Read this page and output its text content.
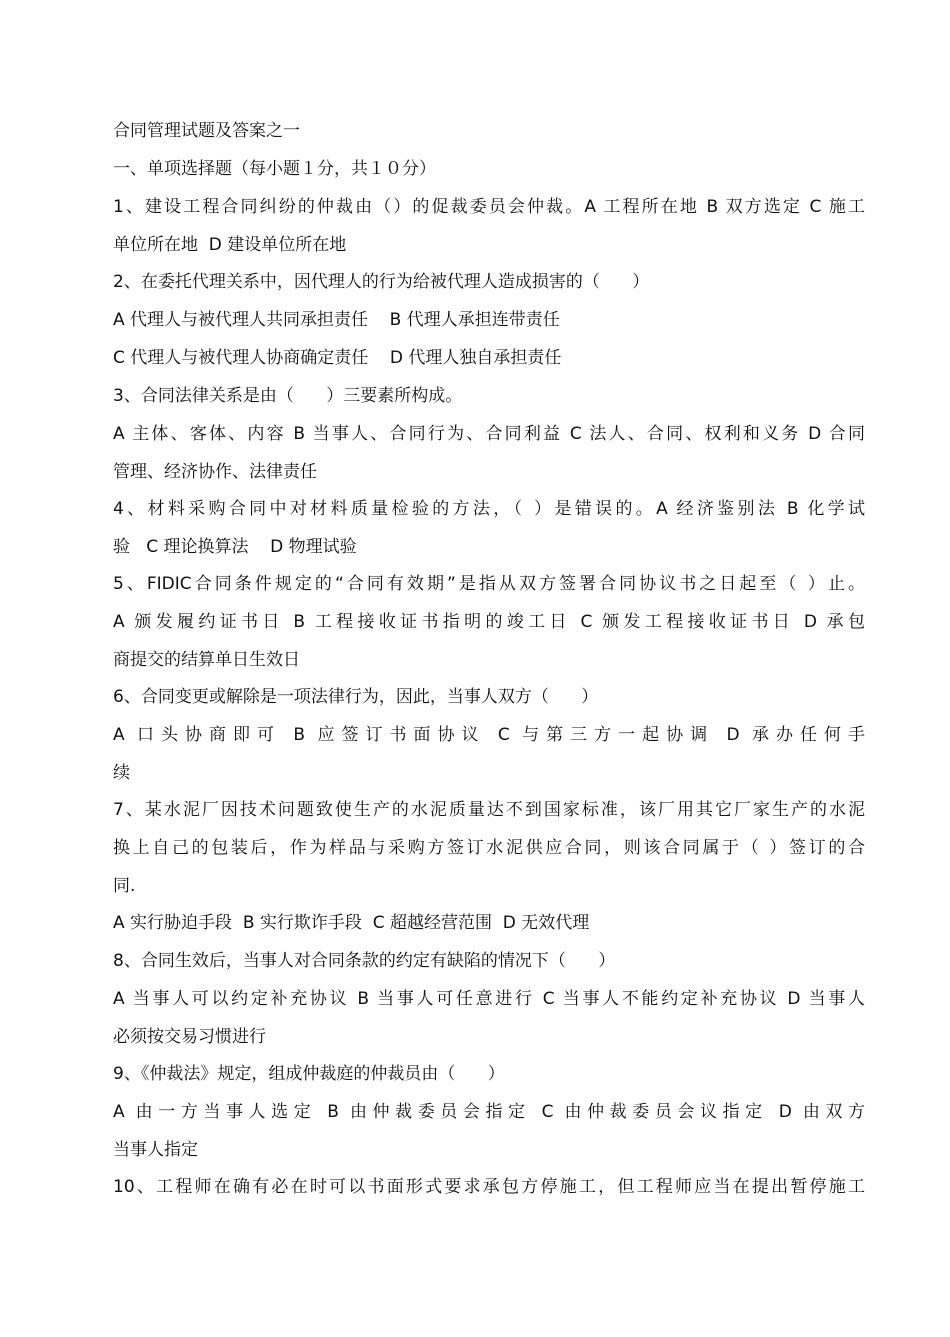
合同管理试题及答案之一
一、单项选择题（每小题１分，共１０分）
1、建设工程合同纠纷的仲裁由（）的促裁委员会仲裁。A 工程所在地 B 双方选定 C 施工
单位所在地  D 建设单位所在地
2、在委托代理关系中，因代理人的行为给被代理人造成损害的（      ）
A 代理人与被代理人共同承担责任    B 代理人承担连带责任
C 代理人与被代理人协商确定责任    D 代理人独自承担责任
3、合同法律关系是由（      ）三要素所构成。
A 主体、客体、内容 B 当事人、合同行为、合同利益 C 法人、合同、权利和义务 D 合同
管理、经济协作、法律责任
4、材料采购合同中对材料质量检验的方法，（ ）是错误的。A 经济鉴别法 B 化学试
验   C 理论换算法    D 物理试验
5、FIDIC合同条件规定的“合同有效期”是指从双方签署合同协议书之日起至（ ）止。
A 颁发履约证书日 B 工程接收证书指明的竣工日 C 颁发工程接收证书日 D 承包
商提交的结算单日生效日
6、合同变更或解除是一项法律行为，因此，当事人双方（      ）
A 口头协商即可 B 应签订书面协议 C 与第三方一起协调 D 承办任何手
续
7、某水泥厂因技术问题致使生产的水泥质量达不到国家标准，该厂用其它厂家生产的水泥
换上自己的包装后，作为样品与采购方签订水泥供应合同，则该合同属于（ ）签订的合
同.
A 实行胁迫手段  B 实行欺诈手段  C 超越经营范围  D 无效代理
8、合同生效后，当事人对合同条款的约定有缺陷的情况下（      ）
A 当事人可以约定补充协议 B 当事人可任意进行 C 当事人不能约定补充协议 D 当事人
必须按交易习惯进行
9、《仲裁法》规定，组成仲裁庭的仲裁员由（      ）
A 由一方当事人选定 B 由仲裁委员会指定 C 由仲裁委员会议指定 D 由双方
当事人指定
10、工程师在确有必在时可以书面形式要求承包方停施工，但工程师应当在提出暂停施工
